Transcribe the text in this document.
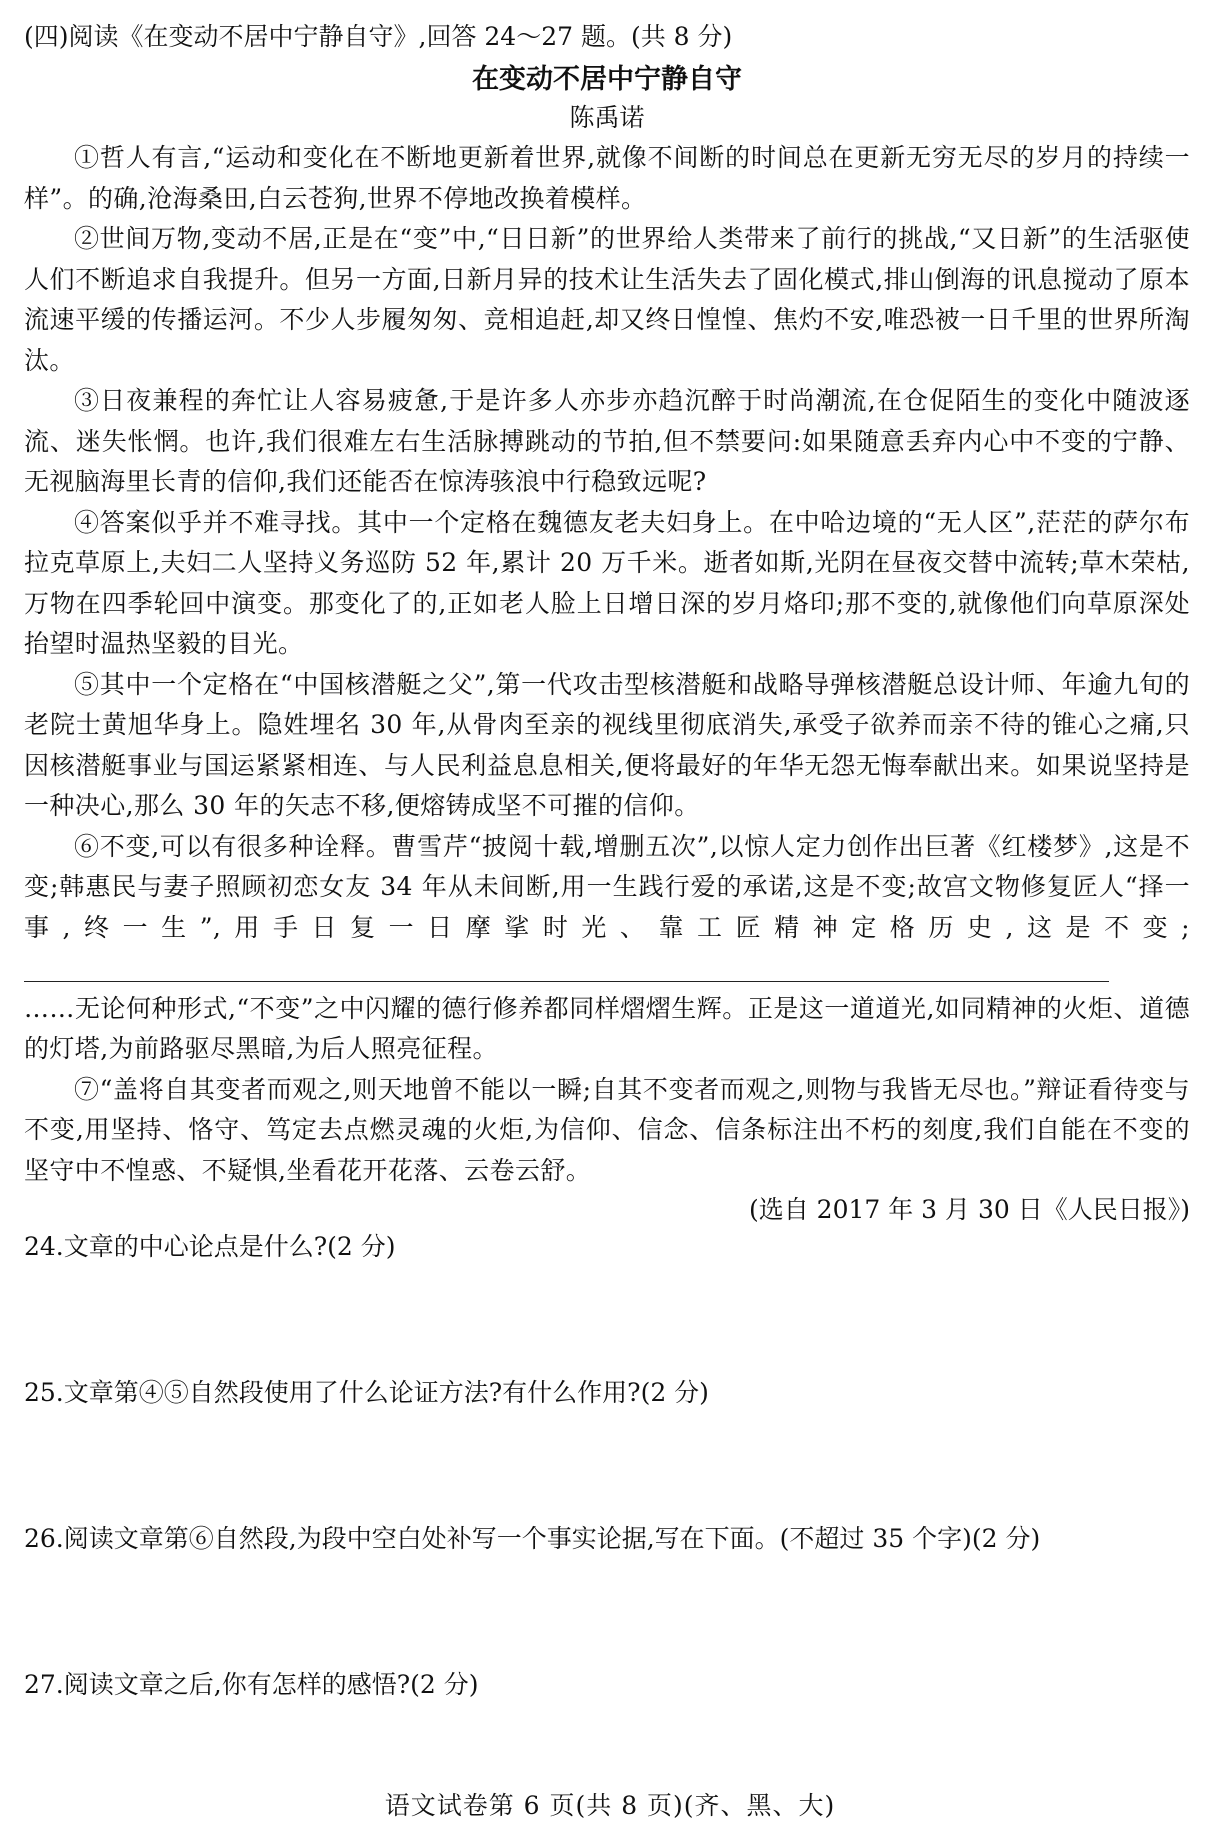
(四)阅读《在变动不居中宁静自守》,回答 24～27 题。(共 8 分)

在变动不居中宁静自守

陈禹诺

①哲人有言,“运动和变化在不断地更新着世界,就像不间断的时间总在更新无穷无尽的岁月的持续一样”。的确,沧海桑田,白云苍狗,世界不停地改换着模样。

②世间万物,变动不居,正是在“变”中,“日日新”的世界给人类带来了前行的挑战,“又日新”的生活驱使人们不断追求自我提升。但另一方面,日新月异的技术让生活失去了固化模式,排山倒海的讯息搅动了原本流速平缓的传播运河。不少人步履匆匆、竞相追赶,却又终日惶惶、焦灼不安,唯恐被一日千里的世界所淘汰。

③日夜兼程的奔忙让人容易疲惫,于是许多人亦步亦趋沉醉于时尚潮流,在仓促陌生的变化中随波逐流、迷失怅惘。也许,我们很难左右生活脉搏跳动的节拍,但不禁要问:如果随意丢弃内心中不变的宁静、无视脑海里长青的信仰,我们还能否在惊涛骇浪中行稳致远呢?

④答案似乎并不难寻找。其中一个定格在魏德友老夫妇身上。在中哈边境的“无人区”,茫茫的萨尔布拉克草原上,夫妇二人坚持义务巡防 52 年,累计 20 万千米。逝者如斯,光阴在昼夜交替中流转;草木荣枯,万物在四季轮回中演变。那变化了的,正如老人脸上日增日深的岁月烙印;那不变的,就像他们向草原深处抬望时温热坚毅的目光。

⑤其中一个定格在“中国核潜艇之父”,第一代攻击型核潜艇和战略导弹核潜艇总设计师、年逾九旬的老院士黄旭华身上。隐姓埋名 30 年,从骨肉至亲的视线里彻底消失,承受子欲养而亲不待的锥心之痛,只因核潜艇事业与国运紧紧相连、与人民利益息息相关,便将最好的年华无怨无悔奉献出来。如果说坚持是一种决心,那么 30 年的矢志不移,便熔铸成坚不可摧的信仰。

⑥不变,可以有很多种诠释。曹雪芹“披阅十载,增删五次”,以惊人定力创作出巨著《红楼梦》,这是不变;韩惠民与妻子照顾初恋女友 34 年从未间断,用一生践行爱的承诺,这是不变;故宫文物修复匠人“择一事,终一生”,用手日复一日摩挲时光、靠工匠精神定格历史,这是不变;

……无论何种形式,“不变”之中闪耀的德行修养都同样熠熠生辉。正是这一道道光,如同精神的火炬、道德的灯塔,为前路驱尽黑暗,为后人照亮征程。

⑦“盖将自其变者而观之,则天地曾不能以一瞬;自其不变者而观之,则物与我皆无尽也。”辩证看待变与不变,用坚持、恪守、笃定去点燃灵魂的火炬,为信仰、信念、信条标注出不朽的刻度,我们自能在不变的坚守中不惶惑、不疑惧,坐看花开花落、云卷云舒。

(选自 2017 年 3 月 30 日《人民日报》)

24.文章的中心论点是什么?(2 分)

25.文章第④⑤自然段使用了什么论证方法?有什么作用?(2 分)

26.阅读文章第⑥自然段,为段中空白处补写一个事实论据,写在下面。(不超过 35 个字)(2 分)

27.阅读文章之后,你有怎样的感悟?(2 分)

语文试卷第 6 页(共 8 页)(齐、黑、大)
